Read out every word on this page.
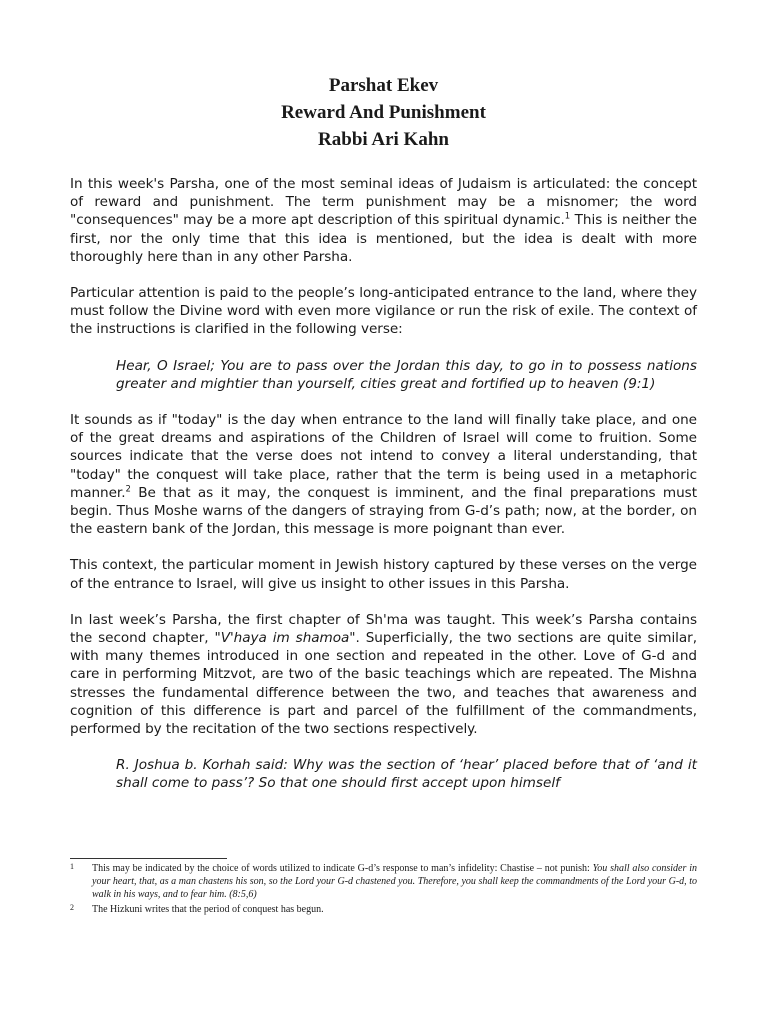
Parshat Ekev
Reward And Punishment
Rabbi Ari Kahn

In this week's Parsha, one of the most seminal ideas of Judaism is articulated: the concept of reward and punishment. The term punishment may be a misnomer; the word "consequences" may be a more apt description of this spiritual dynamic.$^1$ This is neither the first, nor the only time that this idea is mentioned, but the idea is dealt with more thoroughly here than in any other Parsha.

Particular attention is paid to the people’s long-anticipated entrance to the land, where they must follow the Divine word with even more vigilance or run the risk of exile. The context of the instructions is clarified in the following verse:

Hear, O Israel; You are to pass over the Jordan this day, to go in to possess nations greater and mightier than yourself, cities great and fortified up to heaven (9:1)

It sounds as if "today" is the day when entrance to the land will finally take place, and one of the great dreams and aspirations of the Children of Israel will come to fruition. Some sources indicate that the verse does not intend to convey a literal understanding, that "today" the conquest will take place, rather that the term is being used in a metaphoric manner.$^2$ Be that as it may, the conquest is imminent, and the final preparations must begin. Thus Moshe warns of the dangers of straying from G-d’s path; now, at the border, on the eastern bank of the Jordan, this message is more poignant than ever.

This context, the particular moment in Jewish history captured by these verses on the verge of the entrance to Israel, will give us insight to other issues in this Parsha.

In last week’s Parsha, the first chapter of Sh'ma was taught. This week’s Parsha contains the second chapter, "V'haya im shamoa". Superficially, the two sections are quite similar, with many themes introduced in one section and repeated in the other. Love of G-d and care in performing Mitzvot, are two of the basic teachings which are repeated. The Mishna stresses the fundamental difference between the two, and teaches that awareness and cognition of this difference is part and parcel of the fulfillment of the commandments, performed by the recitation of the two sections respectively.

R. Joshua b. Korhah said: Why was the section of ‘hear’ placed before that of ‘and it shall come to pass’? So that one should first accept upon himself

1 This may be indicated by the choice of words utilized to indicate G-d’s response to man’s infidelity: Chastise – not punish: You shall also consider in your heart, that, as a man chastens his son, so the Lord your G-d chastened you. Therefore, you shall keep the commandments of the Lord your G-d, to walk in his ways, and to fear him. (8:5,6)
2 The Hizkuni writes that the period of conquest has begun.
